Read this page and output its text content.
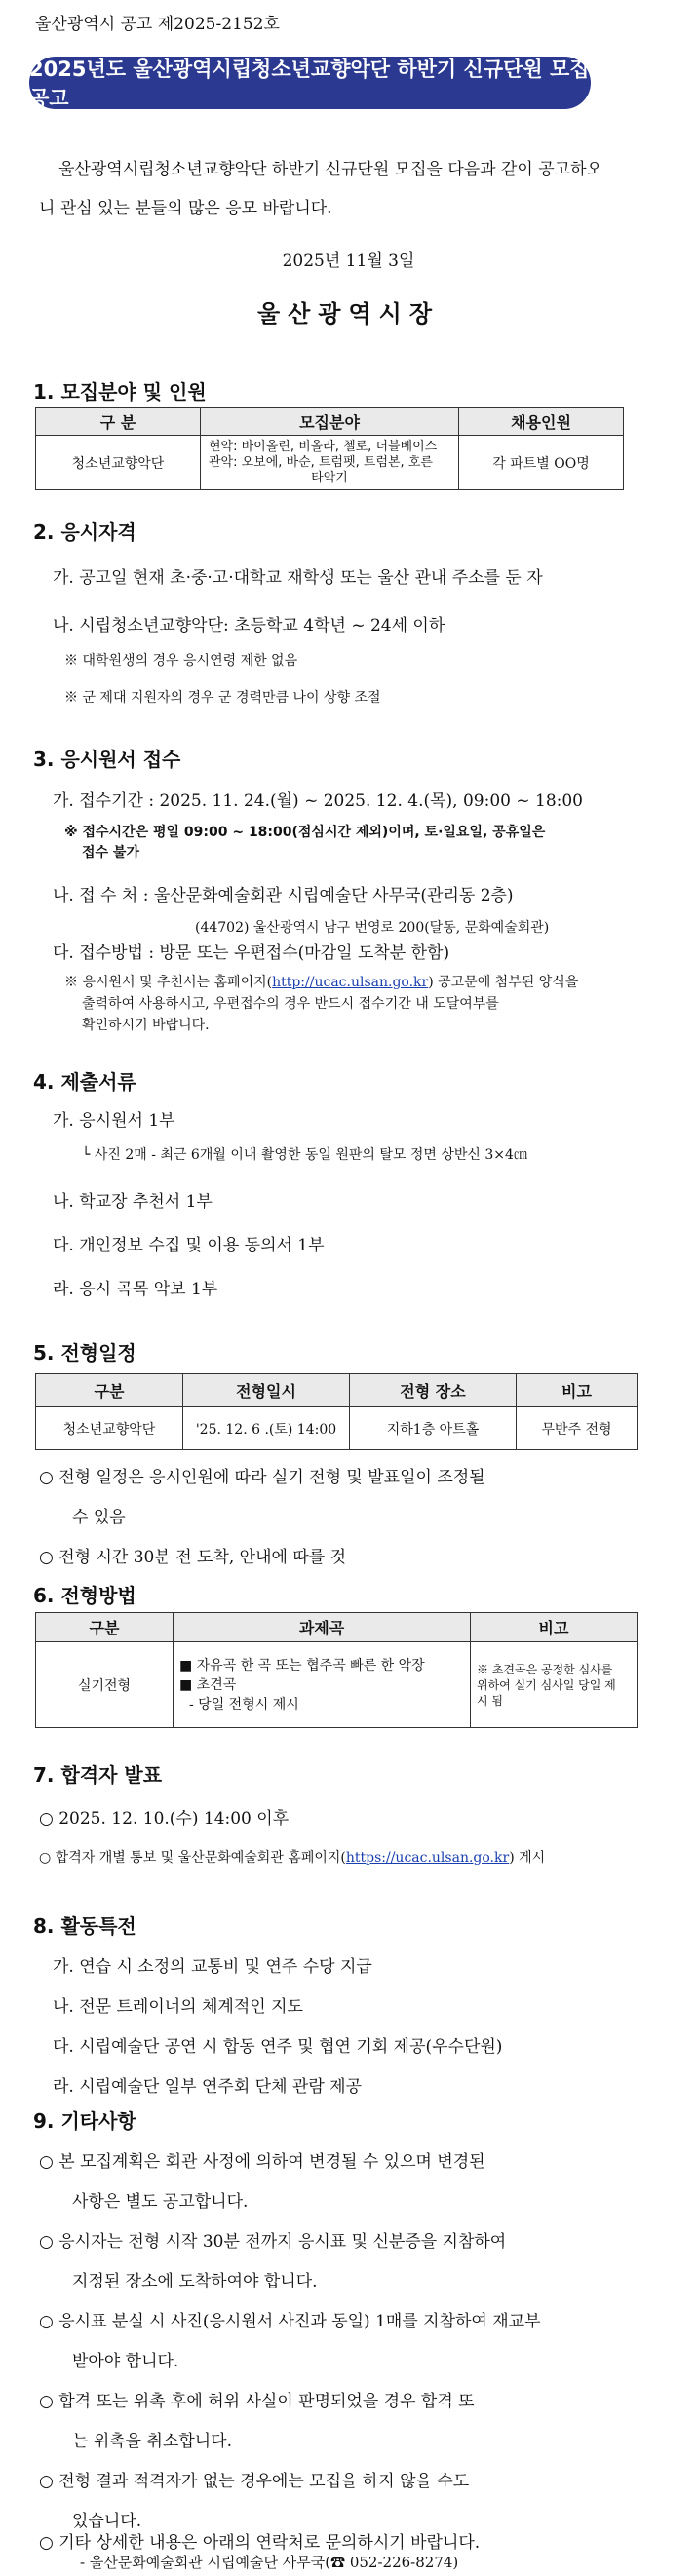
울산광역시 공고 제2025-2152호
2025년도 울산광역시립청소년교향악단 하반기 신규단원 모집 공고
울산광역시립청소년교향악단 하반기 신규단원 모집을 다음과 같이 공고하오니 관심 있는 분들의 많은 응모 바랍니다.
2025년 11월 3일
울산광역시장
1. 모집분야 및 인원
구 분	모집분야	채용인원
청소년교향악단	현악: 바이올린, 비올라, 첼로, 더블베이스
관악: 오보에, 바순, 트럼펫, 트럼본, 호른
타악기	각 파트별 OO명
2. 응시자격
가. 공고일 현재 초·중·고·대학교 재학생 또는 울산 관내 주소를 둔 자
나. 시립청소년교향악단: 초등학교 4학년 ~ 24세 이하
※ 대학원생의 경우 응시연령 제한 없음
※ 군 제대 지원자의 경우 군 경력만큼 나이 상향 조절
3. 응시원서 접수
가. 접수기간 : 2025. 11. 24.(월) ~ 2025. 12. 4.(목), 09:00 ~ 18:00
※ 접수시간은 평일 09:00 ~ 18:00(점심시간 제외)이며, 토·일요일, 공휴일은
접수 불가
나. 접 수 처 : 울산문화예술회관 시립예술단 사무국(관리동 2층)
(44702) 울산광역시 남구 번영로 200(달동, 문화예술회관)
다. 접수방법 : 방문 또는 우편접수(마감일 도착분 한함)
※ 응시원서 및 추천서는 홈페이지(http://ucac.ulsan.go.kr) 공고문에 첨부된 양식을
출력하여 사용하시고, 우편접수의 경우 반드시 접수기간 내 도달여부를
확인하시기 바랍니다.
4. 제출서류
가. 응시원서 1부
└ 사진 2매 - 최근 6개월 이내 촬영한 동일 원판의 탈모 정면 상반신 3×4㎝
나. 학교장 추천서 1부
다. 개인정보 수집 및 이용 동의서 1부
라. 응시 곡목 악보 1부
5. 전형일정
구분	전형일시	전형 장소	비고
청소년교향악단	'25. 12. 6 .(토) 14:00	지하1층 아트홀	무반주 전형
○ 전형 일정은 응시인원에 따라 실기 전형 및 발표일이 조정될
수 있음
○ 전형 시간 30분 전 도착, 안내에 따를 것
6. 전형방법
구분	과제곡	비고
실기전형	■ 자유곡 한 곡 또는 협주곡 빠른 한 악장
■ 초견곡
- 당일 전형시 제시	※ 초견곡은 공정한 심사를 위하여 실기 심사일 당일 제시 됨
7. 합격자 발표
○ 2025. 12. 10.(수) 14:00 이후
○ 합격자 개별 통보 및 울산문화예술회관 홈페이지(https://ucac.ulsan.go.kr) 게시
8. 활동특전
가. 연습 시 소정의 교통비 및 연주 수당 지급
나. 전문 트레이너의 체계적인 지도
다. 시립예술단 공연 시 합동 연주 및 협연 기회 제공(우수단원)
라. 시립예술단 일부 연주회 단체 관람 제공
9. 기타사항
○ 본 모집계획은 회관 사정에 의하여 변경될 수 있으며 변경된
사항은 별도 공고합니다.
○ 응시자는 전형 시작 30분 전까지 응시표 및 신분증을 지참하여
지정된 장소에 도착하여야 합니다.
○ 응시표 분실 시 사진(응시원서 사진과 동일) 1매를 지참하여 재교부
받아야 합니다.
○ 합격 또는 위촉 후에 허위 사실이 판명되었을 경우 합격 또
는 위촉을 취소합니다.
○ 전형 결과 적격자가 없는 경우에는 모집을 하지 않을 수도
있습니다.
○ 기타 상세한 내용은 아래의 연락처로 문의하시기 바랍니다.
- 울산문화예술회관 시립예술단 사무국(☎ 052-226-8274)
